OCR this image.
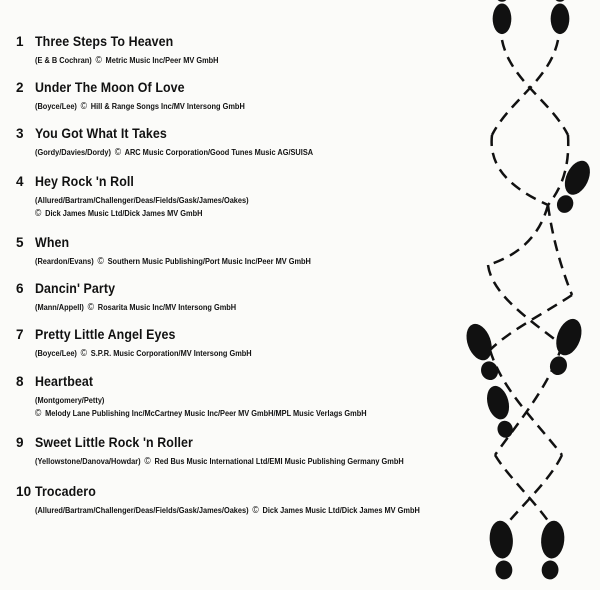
1 Three Steps To Heaven
(E & B Cochran) © Metric Music Inc/Peer MV GmbH
2 Under The Moon Of Love
(Boyce/Lee) © Hill & Range Songs Inc/MV Intersong GmbH
3 You Got What It Takes
(Gordy/Davies/Dordy) © ARC Music Corporation/Good Tunes Music AG/SUISA
4 Hey Rock 'n Roll
(Allured/Bartram/Challenger/Deas/Fields/Gask/James/Oakes)
© Dick James Music Ltd/Dick James MV GmbH
5 When
(Reardon/Evans) © Southern Music Publishing/Port Music Inc/Peer MV GmbH
6 Dancin' Party
(Mann/Appell) © Rosarita Music Inc/MV Intersong GmbH
7 Pretty Little Angel Eyes
(Boyce/Lee) © S.P.R. Music Corporation/MV Intersong GmbH
8 Heartbeat
(Montgomery/Petty)
© Melody Lane Publishing Inc/McCartney Music Inc/Peer MV GmbH/MPL Music Verlags GmbH
9 Sweet Little Rock 'n Roller
(Yellowstone/Danova/Howdar) © Red Bus Music International Ltd/EMI Music Publishing Germany GmbH
10 Trocadero
(Allured/Bartram/Challenger/Deas/Fields/Gask/James/Oakes) © Dick James Music Ltd/Dick James MV GmbH
